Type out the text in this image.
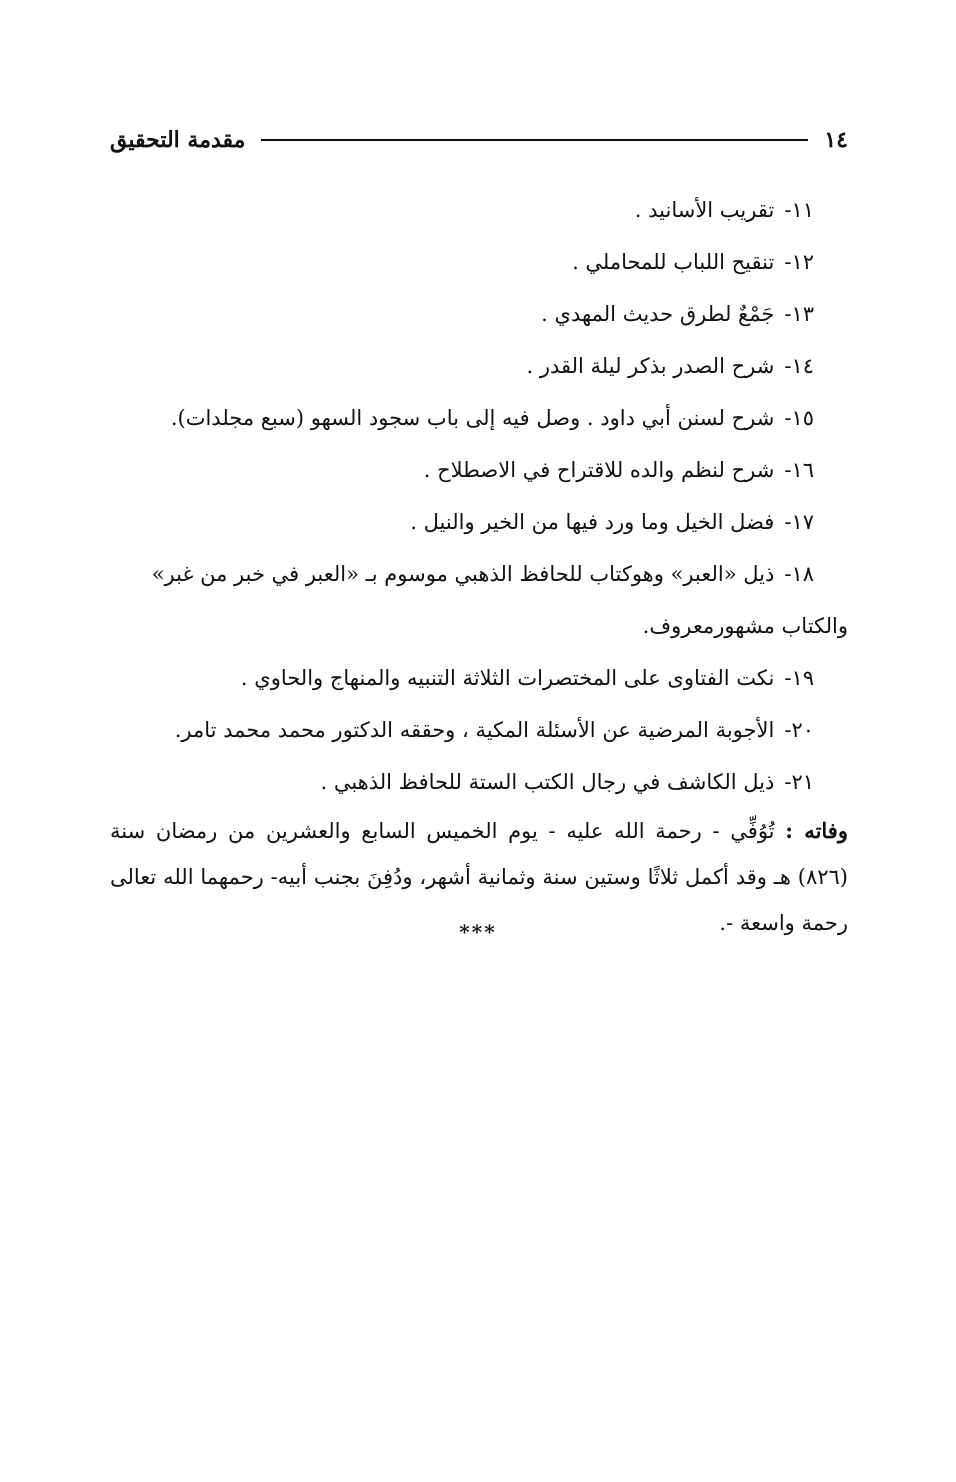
١٤
مقدمة التحقيق

١١-تقريب الأسانيد .

١٢-تنقيح اللباب للمحاملي .

١٣-جَمْعٌ لطرق حديث المهدي .

١٤-شرح الصدر بذكر ليلة القدر .

١٥-شرح لسنن أبي داود . وصل فيه إلى باب سجود السهو (سبع مجلدات).

١٦-شرح لنظم والده للاقتراح في الاصطلاح .

١٧-فضل الخيل وما ورد فيها من الخير والنيل .

١٨-ذيل «العبر» وهوكتاب للحافظ الذهبي موسوم بـ «العبر في خبر من غبر»
والكتاب مشهورمعروف.

١٩-نكت الفتاوى على المختصرات الثلاثة التنبيه والمنهاج والحاوي .

٢٠-الأجوبة المرضية عن الأسئلة المكية ، وحققه الدكتور محمد محمد تامر.

٢١-ذيل الكاشف في رجال الكتب الستة للحافظ الذهبي .

وفاته : تُوُفِّي - رحمة الله عليه - يوم الخميس السابع والعشرين من رمضان سنة (٨٢٦) هـ وقد أكمل ثلاثًا وستين سنة وثمانية أشهر، ودُفِنَ بجنب أبيه- رحمهما الله تعالى رحمة واسعة -.

***
